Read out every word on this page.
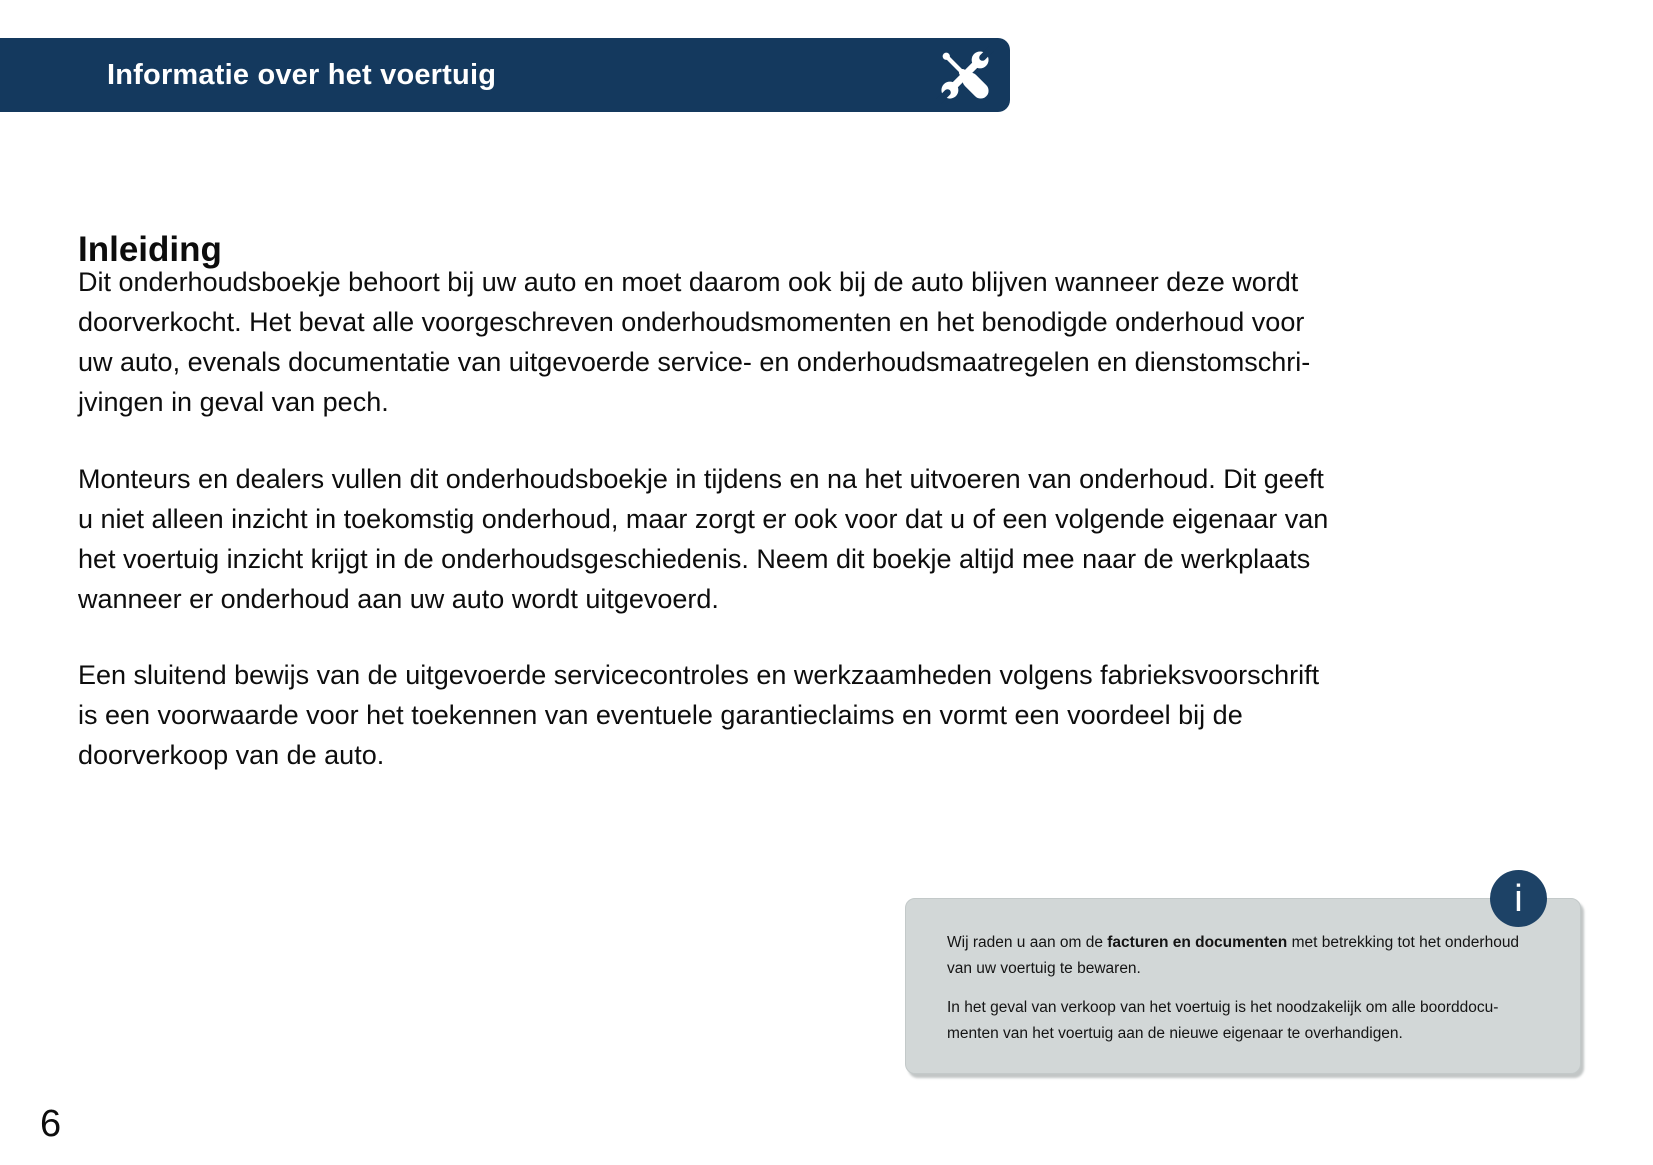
Informatie over het voertuig
Inleiding
Dit onderhoudsboekje behoort bij uw auto en moet daarom ook bij de auto blijven wanneer deze wordt
doorverkocht. Het bevat alle voorgeschreven onderhoudsmomenten en het benodigde onderhoud voor
uw auto, evenals documentatie van uitgevoerde service- en onderhoudsmaatregelen en dienstomschri-
jvingen in geval van pech.
Monteurs en dealers vullen dit onderhoudsboekje in tijdens en na het uitvoeren van onderhoud. Dit geeft
u niet alleen inzicht in toekomstig onderhoud, maar zorgt er ook voor dat u of een volgende eigenaar van
het voertuig inzicht krijgt in de onderhoudsgeschiedenis. Neem dit boekje altijd mee naar de werkplaats
wanneer er onderhoud aan uw auto wordt uitgevoerd.
Een sluitend bewijs van de uitgevoerde servicecontroles en werkzaamheden volgens fabrieksvoorschrift
is een voorwaarde voor het toekennen van eventuele garantieclaims en vormt een voordeel bij de
doorverkoop van de auto.
i

Wij raden u aan om de facturen en documenten met betrekking tot het onderhoud van uw voertuig te bewaren.

In het geval van verkoop van het voertuig is het noodzakelijk om alle boorddocu-
menten van het voertuig aan de nieuwe eigenaar te overhandigen.
6
